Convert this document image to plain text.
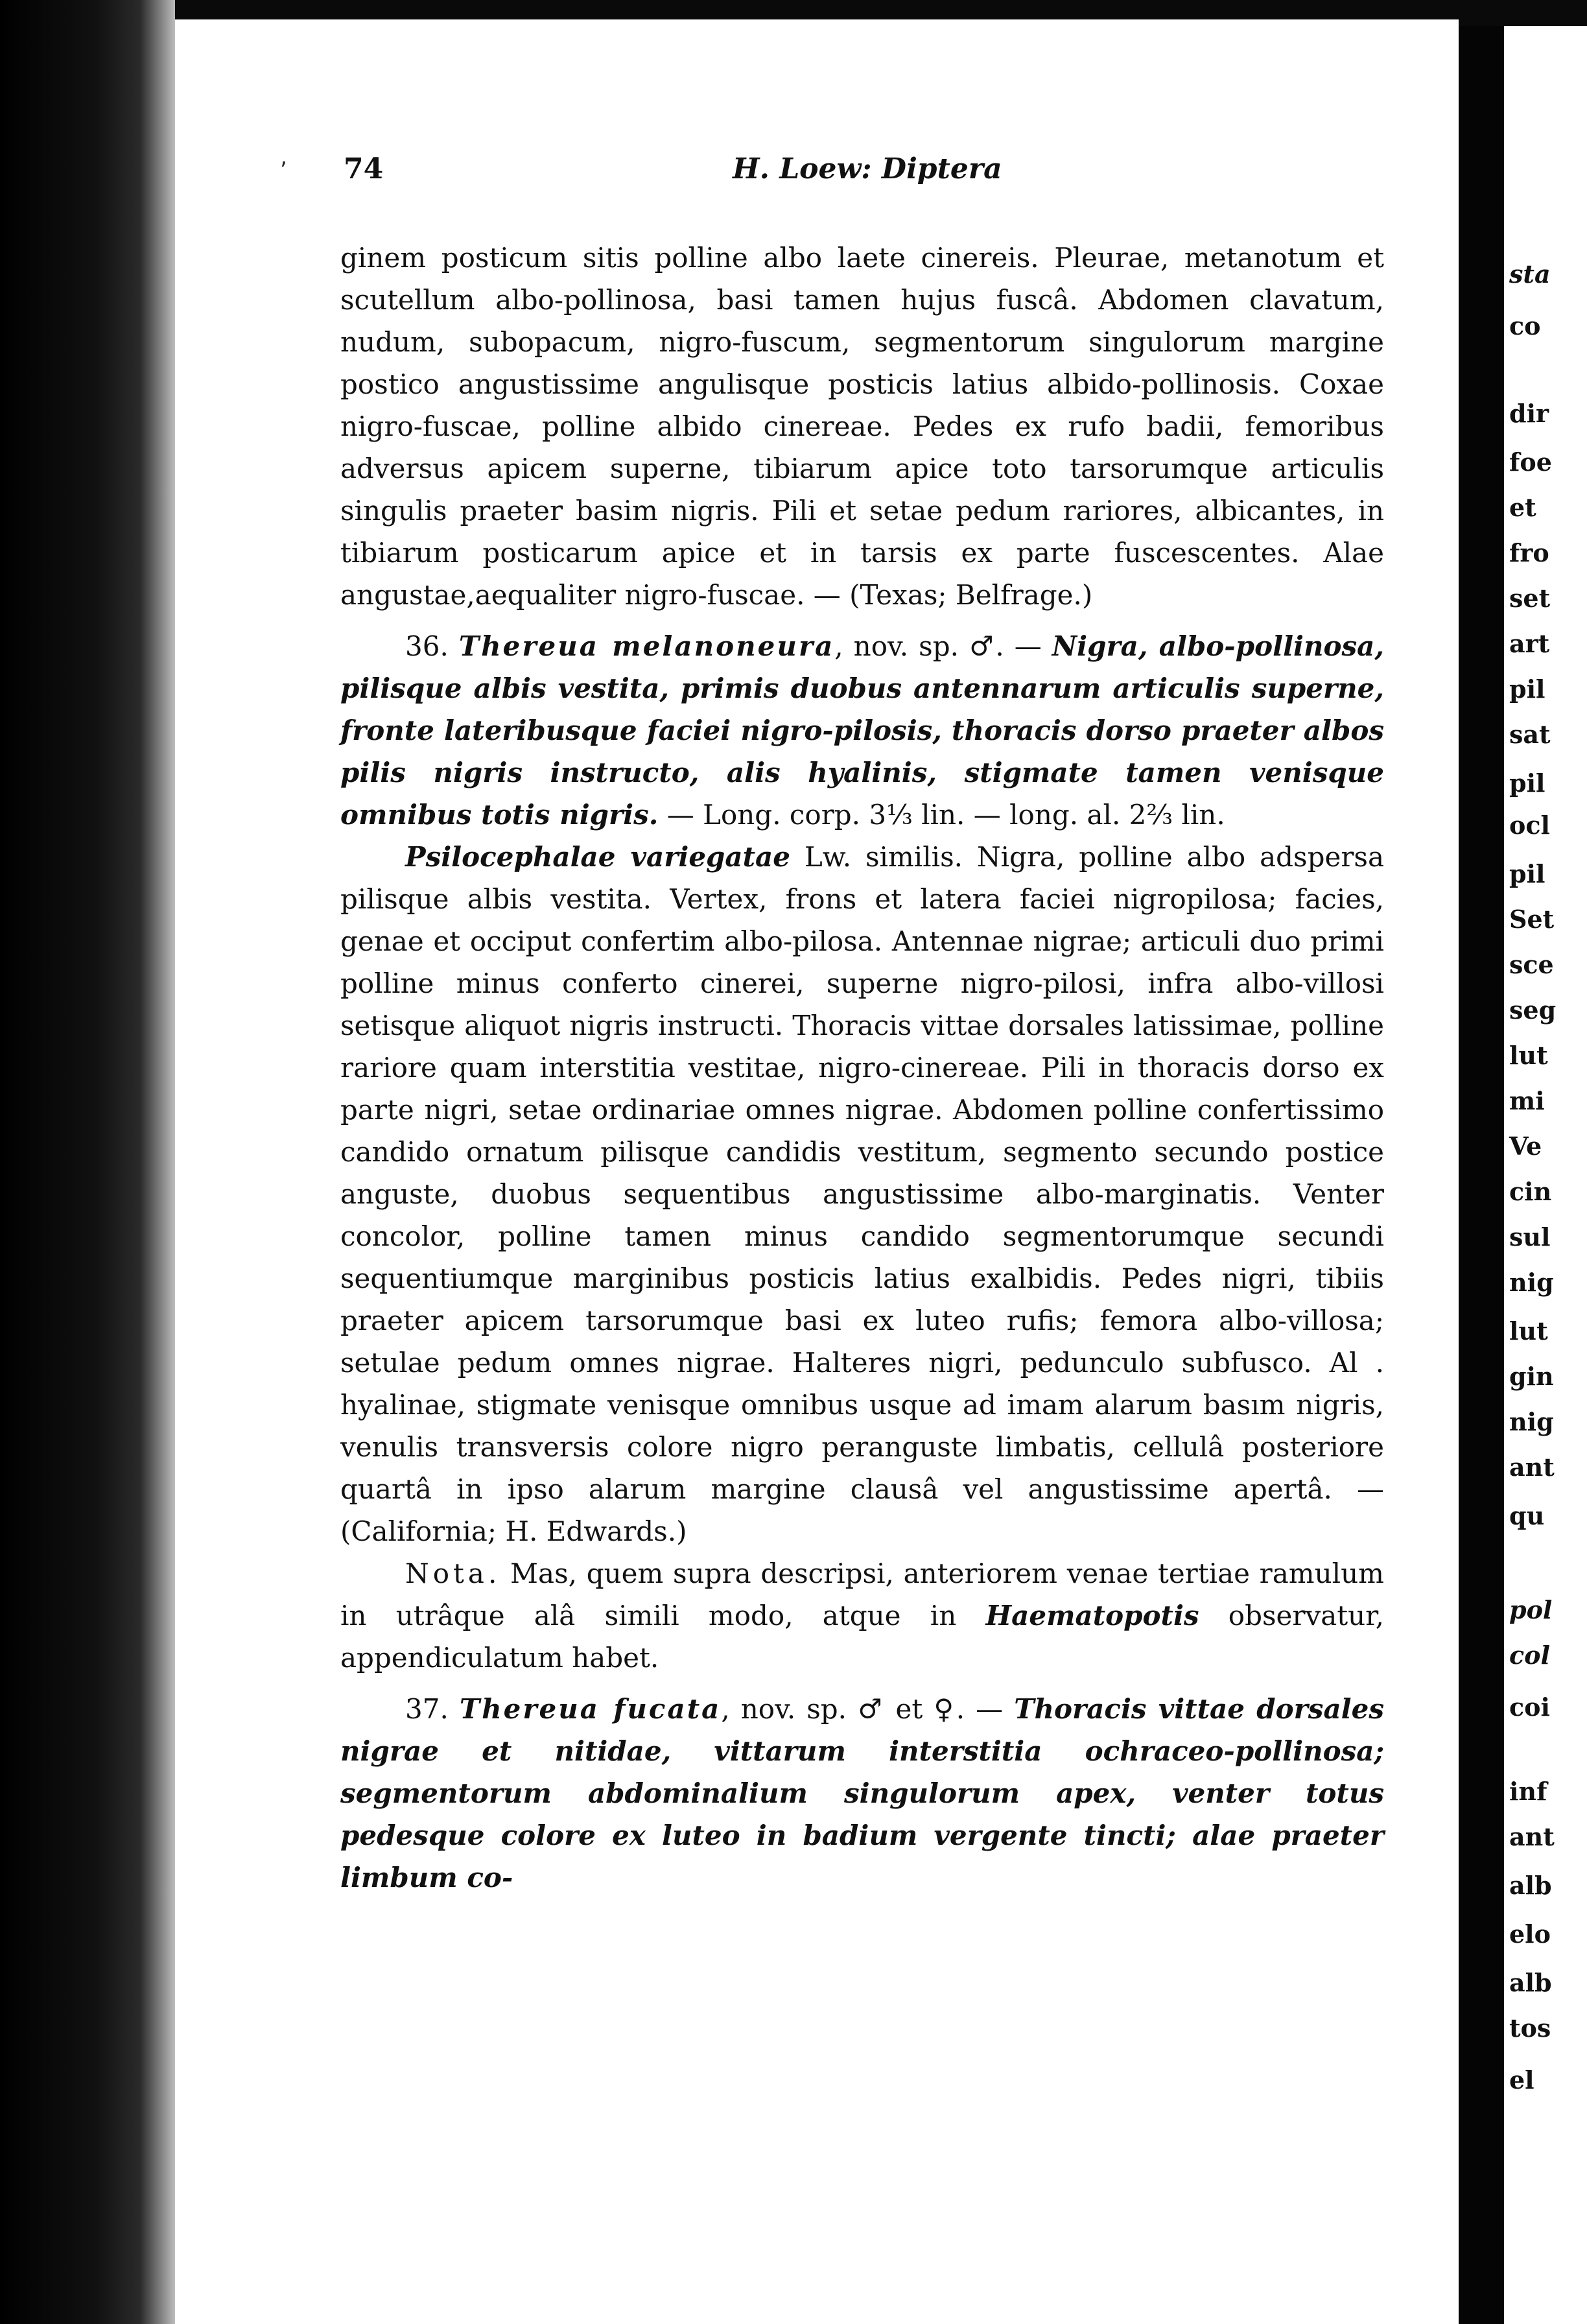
sta
co
dir
foe
et
fro
set
art
pil
sat
pil
ocl
pil
Set
sce
seg
lut
mi
Ve
cin
sul
nig
lut
gin
nig
ant
qu
pol
col
coi
inf
ant
alb
elo
alb
tos
el
‚ 74	H. Loew: Diptera

ginem posticum sitis polline albo laete cinereis. Pleurae, metanotum et scutellum albo-pollinosa, basi tamen hujus fuscâ. Abdomen clavatum, nudum, subopacum, nigro-fuscum, segmentorum singulorum margine postico angustissime angulisque posticis latius albido-pollinosis. Coxae nigro-fuscae, polline albido cinereae. Pedes ex rufo badii, femoribus adversus apicem superne, tibiarum apice toto tarsorumque articulis singulis praeter basim nigris. Pili et setae pedum rariores, albicantes, in tibiarum posticarum apice et in tarsis ex parte fuscescentes. Alae angustae,aequaliter nigro-fuscae. — (Texas; Belfrage.)

36. Thereua melanoneura, nov. sp. ♂. — Nigra, albo-pollinosa, pilisque albis vestita, primis duobus antennarum articulis superne, fronte lateribusque faciei nigro-pilosis, thoracis dorso praeter albos pilis nigris instructo, alis hyalinis, stigmate tamen venisque omnibus totis nigris. — Long. corp. 3⅓ lin. — long. al. 2⅔ lin.

Psilocephalae variegatae Lw. similis. Nigra, polline albo adspersa pilisque albis vestita. Vertex, frons et latera faciei nigropilosa; facies, genae et occiput confertim albo-pilosa. Antennae nigrae; articuli duo primi polline minus conferto cinerei, superne nigro-pilosi, infra albo-villosi setisque aliquot nigris instructi. Thoracis vittae dorsales latissimae, polline rariore quam interstitia vestitae, nigro-cinereae. Pili in thoracis dorso ex parte nigri, setae ordinariae omnes nigrae. Abdomen polline confertissimo candido ornatum pilisque candidis vestitum, segmento secundo postice anguste, duobus sequentibus angustissime albo-marginatis. Venter concolor, polline tamen minus candido segmentorumque secundi sequentiumque marginibus posticis latius exalbidis. Pedes nigri, tibiis praeter apicem tarsorumque basi ex luteo rufis; femora albo-villosa; setulae pedum omnes nigrae. Halteres nigri, pedunculo subfusco. Al . hyalinae, stigmate venisque omnibus usque ad imam alarum basım nigris, venulis transversis colore nigro peranguste limbatis, cellulâ posteriore quartâ in ipso alarum margine clausâ vel angustissime apertâ. — (California; H. Edwards.)

Nota. Mas, quem supra descripsi, anteriorem venae tertiae ramulum in utrâque alâ simili modo, atque in Haematopotis observatur, appendiculatum habet.

37. Thereua fucata, nov. sp. ♂ et ♀. — Thoracis vittae dorsales nigrae et nitidae, vittarum interstitia ochraceo-pollinosa; segmentorum abdominalium singulorum apex, venter totus pedesque colore ex luteo in badium vergente tincti; alae praeter limbum co-
